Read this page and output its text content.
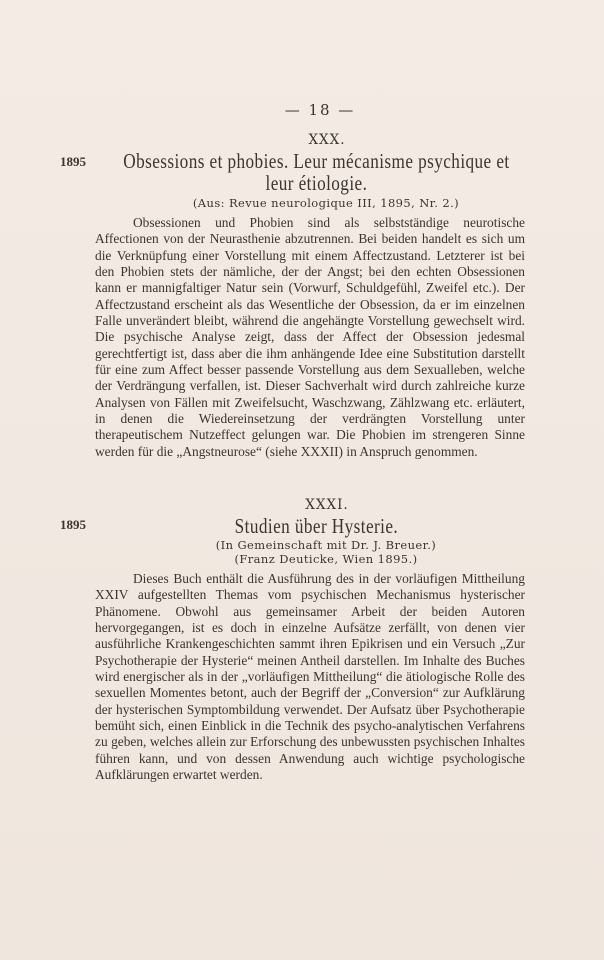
— 18 —
XXX.
1895	Obsessions et phobies. Leur mécanisme psychique et
leur étiologie.
(Aus: Revue neurologique III, 1895, Nr. 2.)
Obsessionen und Phobien sind als selbstständige neurotische Affectionen von der Neurasthenie abzutrennen. Bei beiden handelt es sich um die Verknüpfung einer Vorstellung mit einem Affectzustand. Letzterer ist bei den Phobien stets der nämliche, der der Angst; bei den echten Obsessionen kann er mannigfaltiger Natur sein (Vorwurf, Schuldgefühl, Zweifel etc.). Der Affectzustand erscheint als das Wesentliche der Obsession, da er im einzelnen Falle unverändert bleibt, während die angehängte Vorstellung gewechselt wird. Die psychische Analyse zeigt, dass der Affect der Obsession jedesmal gerechtfertigt ist, dass aber die ihm anhängende Idee eine Substitution darstellt für eine zum Affect besser passende Vorstellung aus dem Sexualleben, welche der Verdrängung verfallen, ist. Dieser Sachverhalt wird durch zahlreiche kurze Analysen von Fällen mit Zweifelsucht, Waschzwang, Zählzwang etc. erläutert, in denen die Wiedereinsetzung der verdrängten Vorstellung unter therapeutischem Nutzeffect gelungen war. Die Phobien im strengeren Sinne werden für die „Angstneurose“ (siehe XXXII) in Anspruch genommen.
XXXI.
1895	Studien über Hysterie.
(In Gemeinschaft mit Dr. J. Breuer.)
(Franz Deuticke, Wien 1895.)
Dieses Buch enthält die Ausführung des in der vorläufigen Mittheilung XXIV aufgestellten Themas vom psychischen Mechanismus hysterischer Phänomene. Obwohl aus gemeinsamer Arbeit der beiden Autoren hervorgegangen, ist es doch in einzelne Aufsätze zerfällt, von denen vier ausführliche Krankengeschichten sammt ihren Epikrisen und ein Versuch „Zur Psychotherapie der Hysterie“ meinen Antheil darstellen. Im Inhalte des Buches wird energischer als in der „vorläufigen Mittheilung“ die ätiologische Rolle des sexuellen Momentes betont, auch der Begriff der „Conversion“ zur Aufklärung der hysterischen Symptombildung verwendet. Der Aufsatz über Psychotherapie bemüht sich, einen Einblick in die Technik des psycho-analytischen Verfahrens zu geben, welches allein zur Erforschung des unbewussten psychischen Inhaltes führen kann, und von dessen Anwendung auch wichtige psychologische Aufklärungen erwartet werden.
